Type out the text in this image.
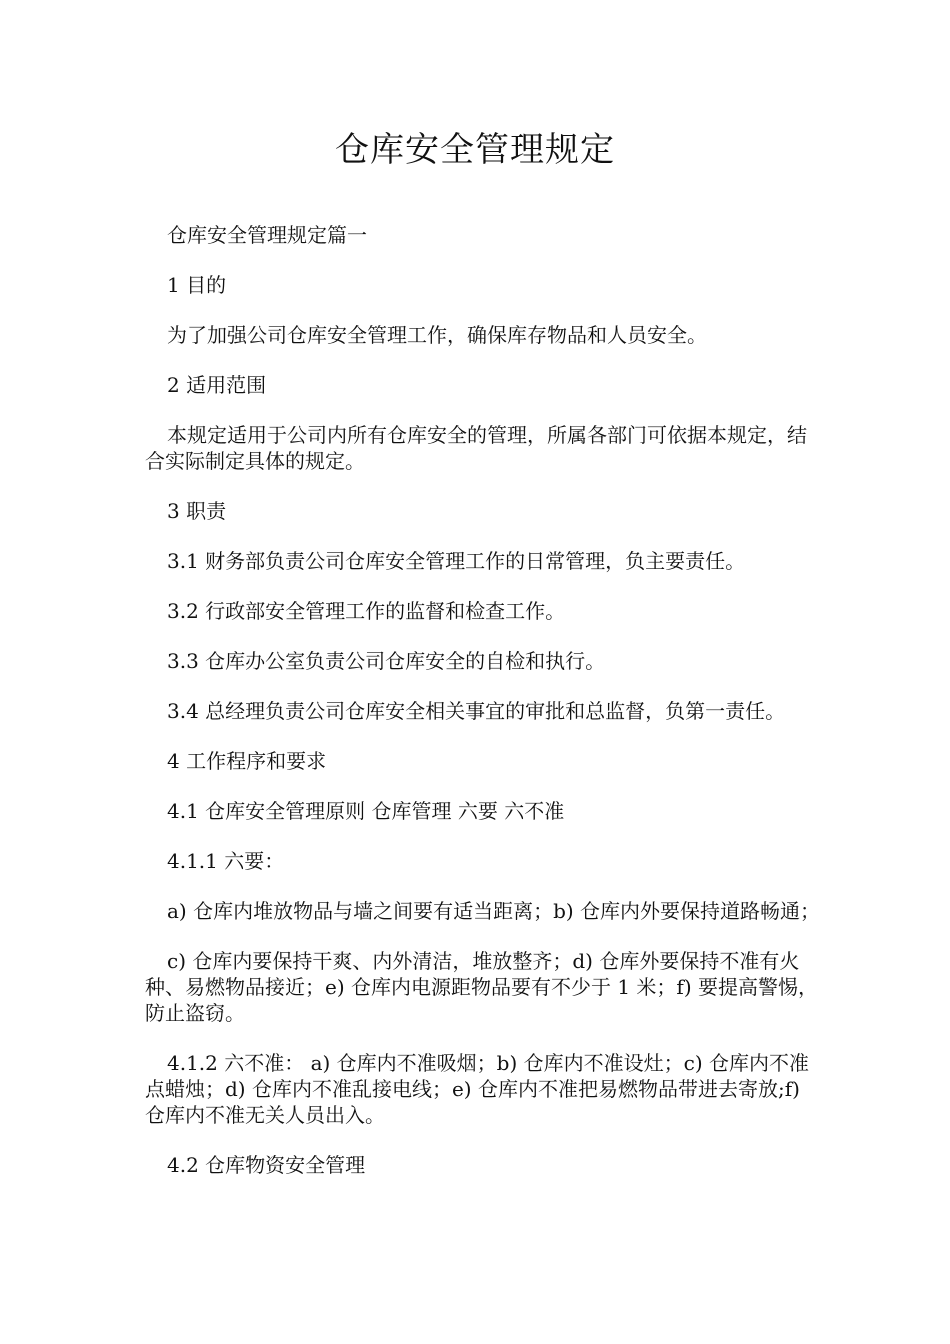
仓库安全管理规定

仓库安全管理规定篇一

1 目的

为了加强公司仓库安全管理工作，确保库存物品和人员安全。

2 适用范围

本规定适用于公司内所有仓库安全的管理，所属各部门可依据本规定，结合实际制定具体的规定。

3 职责

3.1 财务部负责公司仓库安全管理工作的日常管理，负主要责任。

3.2 行政部安全管理工作的监督和检查工作。

3.3 仓库办公室负责公司仓库安全的自检和执行。

3.4 总经理负责公司仓库安全相关事宜的审批和总监督，负第一责任。

4 工作程序和要求

4.1 仓库安全管理原则 仓库管理 六要 六不准

4.1.1 六要：

a) 仓库内堆放物品与墙之间要有适当距离；b) 仓库内外要保持道路畅通；

c) 仓库内要保持干爽、内外清洁，堆放整齐；d) 仓库外要保持不准有火种、易燃物品接近；e) 仓库内电源距物品要有不少于 1 米；f) 要提高警惕，防止盗窃。

4.1.2 六不准： a) 仓库内不准吸烟；b) 仓库内不准设灶；c) 仓库内不准点蜡烛；d) 仓库内不准乱接电线；e) 仓库内不准把易燃物品带进去寄放;f) 仓库内不准无关人员出入。

4.2 仓库物资安全管理
